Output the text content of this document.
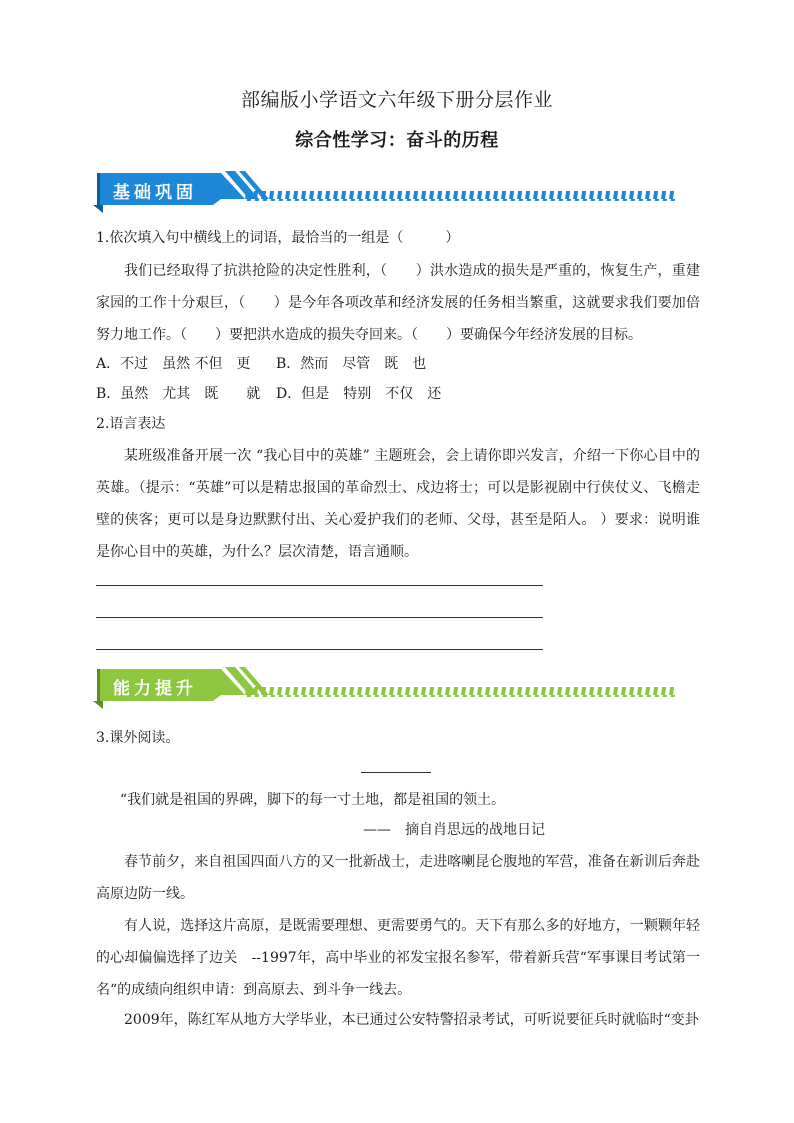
部编版小学语文六年级下册分层作业
综合性学习：奋斗的历程
基础巩固
1.依次填入句中横线上的词语，最恰当的一组是（　　　）
我们已经取得了抗洪抢险的决定性胜利，（　　）洪水造成的损失是严重的，恢复生产，重建家园的工作十分艰巨，（　　）是今年各项改革和经济发展的任务相当繁重，这就要求我们要加倍努力地工作。（　　）要把洪水造成的损失夺回来。（　　）要确保今年经济发展的目标。
A．不过　虽然 不但　更 B．然而　尽管　既　也
B．虽然　尤其　既　　就 D．但是　特别　不仅　还
2.语言表达
某班级准备开展一次 “我心目中的英雄” 主题班会，会上请你即兴发言，介绍一下你心目中的英雄。（提示：“英雄”可以是精忠报国的革命烈士、戍边将士；可以是影视剧中行侠仗义、飞檐走壁的侠客；更可以是身边默默付出、关心爱护我们的老师、父母，甚至是陌人。 ）要求：说明谁是你心目中的英雄，为什么？层次清楚，语言通顺。
能力提升
3.课外阅读。
“我们就是祖国的界碑，脚下的每一寸土地，都是祖国的领土。
——　摘自肖思远的战地日记
春节前夕，来自祖国四面八方的又一批新战士，走进喀喇昆仑腹地的军营，准备在新训后奔赴高原边防一线。
有人说，选择这片高原，是既需要理想、更需要勇气的。天下有那么多的好地方，一颗颗年轻的心却偏偏选择了边关　--1997年，高中毕业的祁发宝报名参军，带着新兵营“军事课目考试第一名“的成绩向组织申请：到高原去、到斗争一线去。
2009年，陈红军从地方大学毕业，本已通过公安特警招录考试，可听说要征兵时就临时“变卦
